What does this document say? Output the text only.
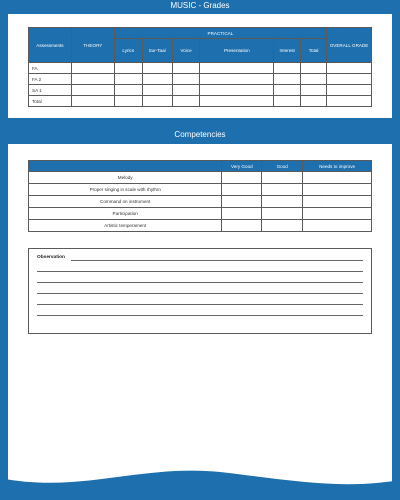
MUSIC - Grades
Assessments	THEORY	PRACTICAL						OVERALL GRADE
		Lyrics	Sur-Taal	Voice	Presentation	Interest	Total	
FA								
FA 2								
SA 1								
Total								
Competencies
	Very Good	Good	Needs to improve
Melody			
Proper singing in scale with rhythm			
Command on instrument			
Participation			
Artistic temperament			
Observation
